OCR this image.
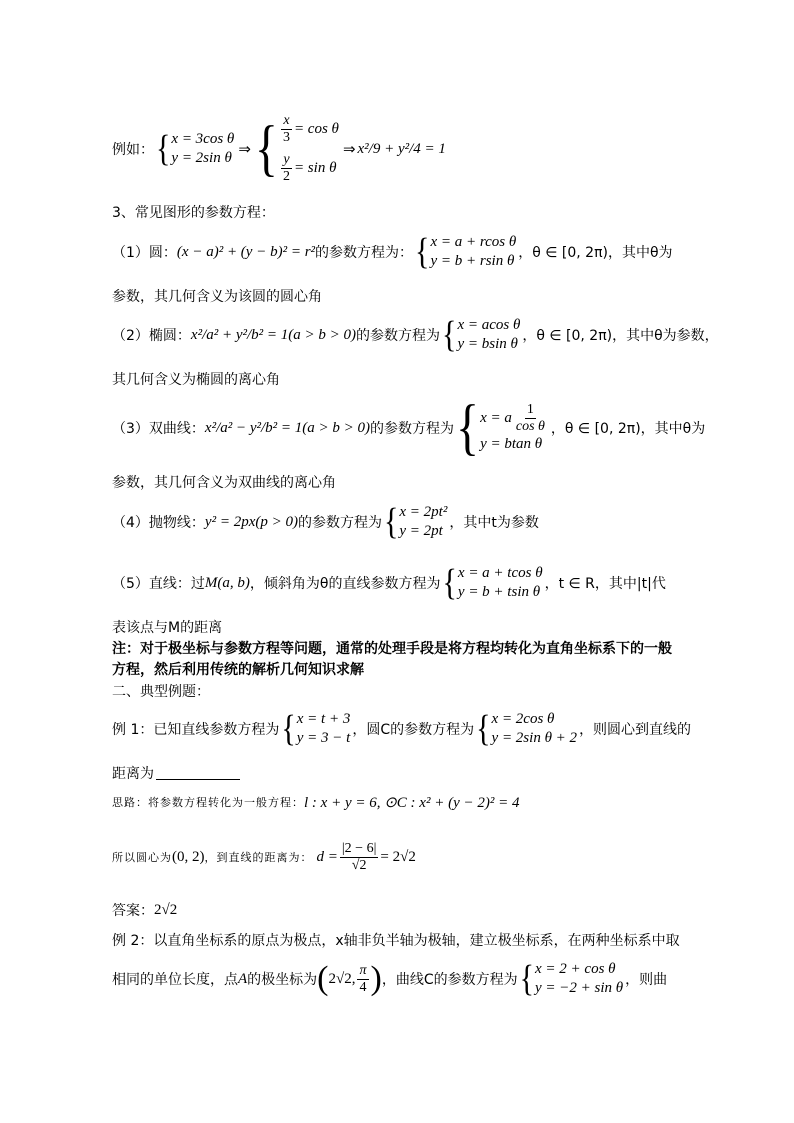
例如： { x = 3cos θ
y = 2sin θ
⇒ { $\frac{x}{3} = \cos \theta$
$\frac{y}{2} = \sin \theta$
⇒ x²/9 + y²/4 = 1
3、常见图形的参数方程：
（1）圆： (x − a)² + (y − b)² = r² 的参数方程为： { x = a + rcos θ
y = b + rsin θ ，θ ∈ [0, 2π)，其中θ为
参数，其几何含义为该圆的圆心角
（2）椭圆： x²/a² + y²/b² = 1(a > b > 0) 的参数方程为 { x = acos θ
y = bsin θ ，θ ∈ [0, 2π)，其中θ为参数，
其几何含义为椭圆的离心角
（3）双曲线： x²/a² − y²/b² = 1(a > b > 0) 的参数方程为 { x = a $\frac{1}{\text{cos θ}}$
y = btan θ
，θ ∈ [0, 2π)，其中θ为
参数，其几何含义为双曲线的离心角
（4）抛物线： y² = 2px(p > 0) 的参数方程为 { x = 2pt²
y = 2pt ，其中t为参数
（5）直线：过 M(a, b) ，倾斜角为θ的直线参数方程为 { x = a + tcos θ
y = b + tsin θ ，t ∈ R，其中|t|代
表该点与M的距离
注：对于极坐标与参数方程等问题，通常的处理手段是将方程均转化为直角坐标系下的一般
方程，然后利用传统的解析几何知识求解
二、典型例题：
例 1：已知直线参数方程为 { x = t + 3
y = 3 − t ，圆C的参数方程为 { x = 2cos θ
y = 2sin θ + 2 ，则圆心到直线的
距离为
思路：将参数方程转化为一般方程： l : x + y = 6, ⊙C : x² + (y − 2)² = 4
所以圆心为 (0, 2) ，到直线的距离为： $d = \frac{|2 - 6|}{√2} = 2√2$
答案： 2√2
例 2：以直角坐标系的原点为极点，x轴非负半轴为极轴，建立极坐标系，在两种坐标系中取
相同的单位长度，点 A 的极坐标为 ( 2√2, $\frac{\pi}{4}$ ) ，曲线C的参数方程为 { x = 2 + cos θ
y = −2 + sin θ ，则曲
